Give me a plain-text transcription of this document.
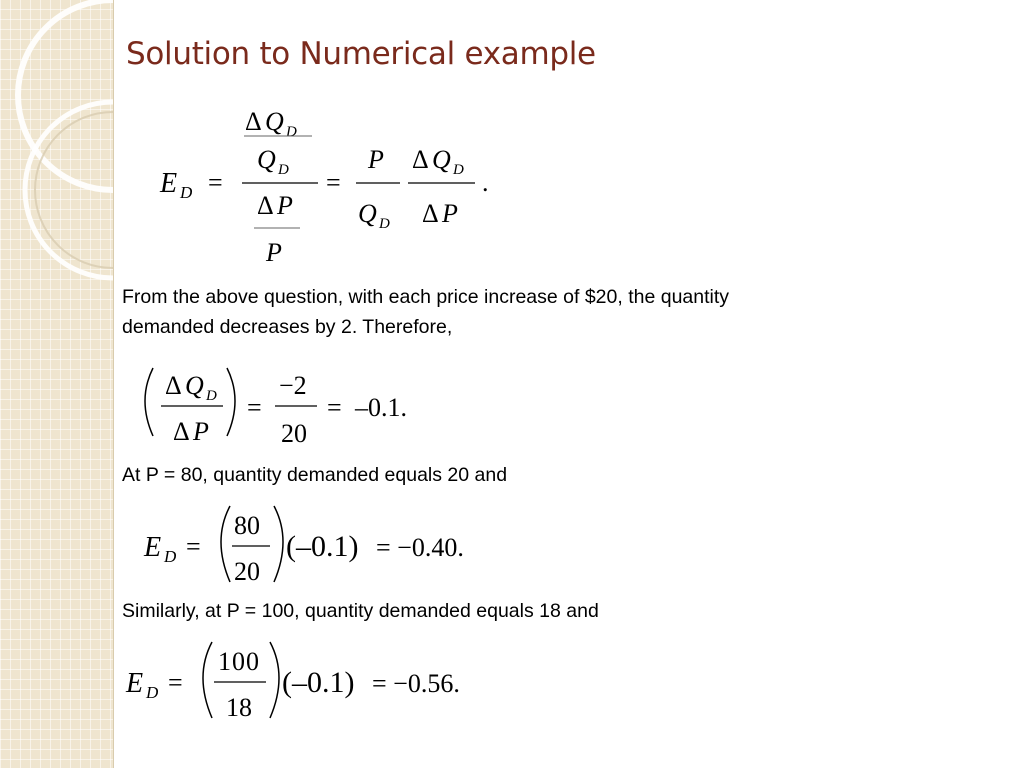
Solution to Numerical example
E D =
Δ Q D
Q D
Δ P
P
=
P
Q D
Δ Q D
Δ P
.
From the above question, with each price increase of $20, the quantity
demanded decreases by 2. Therefore,
Δ Q D
Δ P
=
−2
20
= –0.1.
At P = 80, quantity demanded equals 20 and
E D =
80
20
(–0.1) = −0.40.
Similarly, at P = 100, quantity demanded equals 18 and
E D =
100
18
(–0.1) = −0.56.
